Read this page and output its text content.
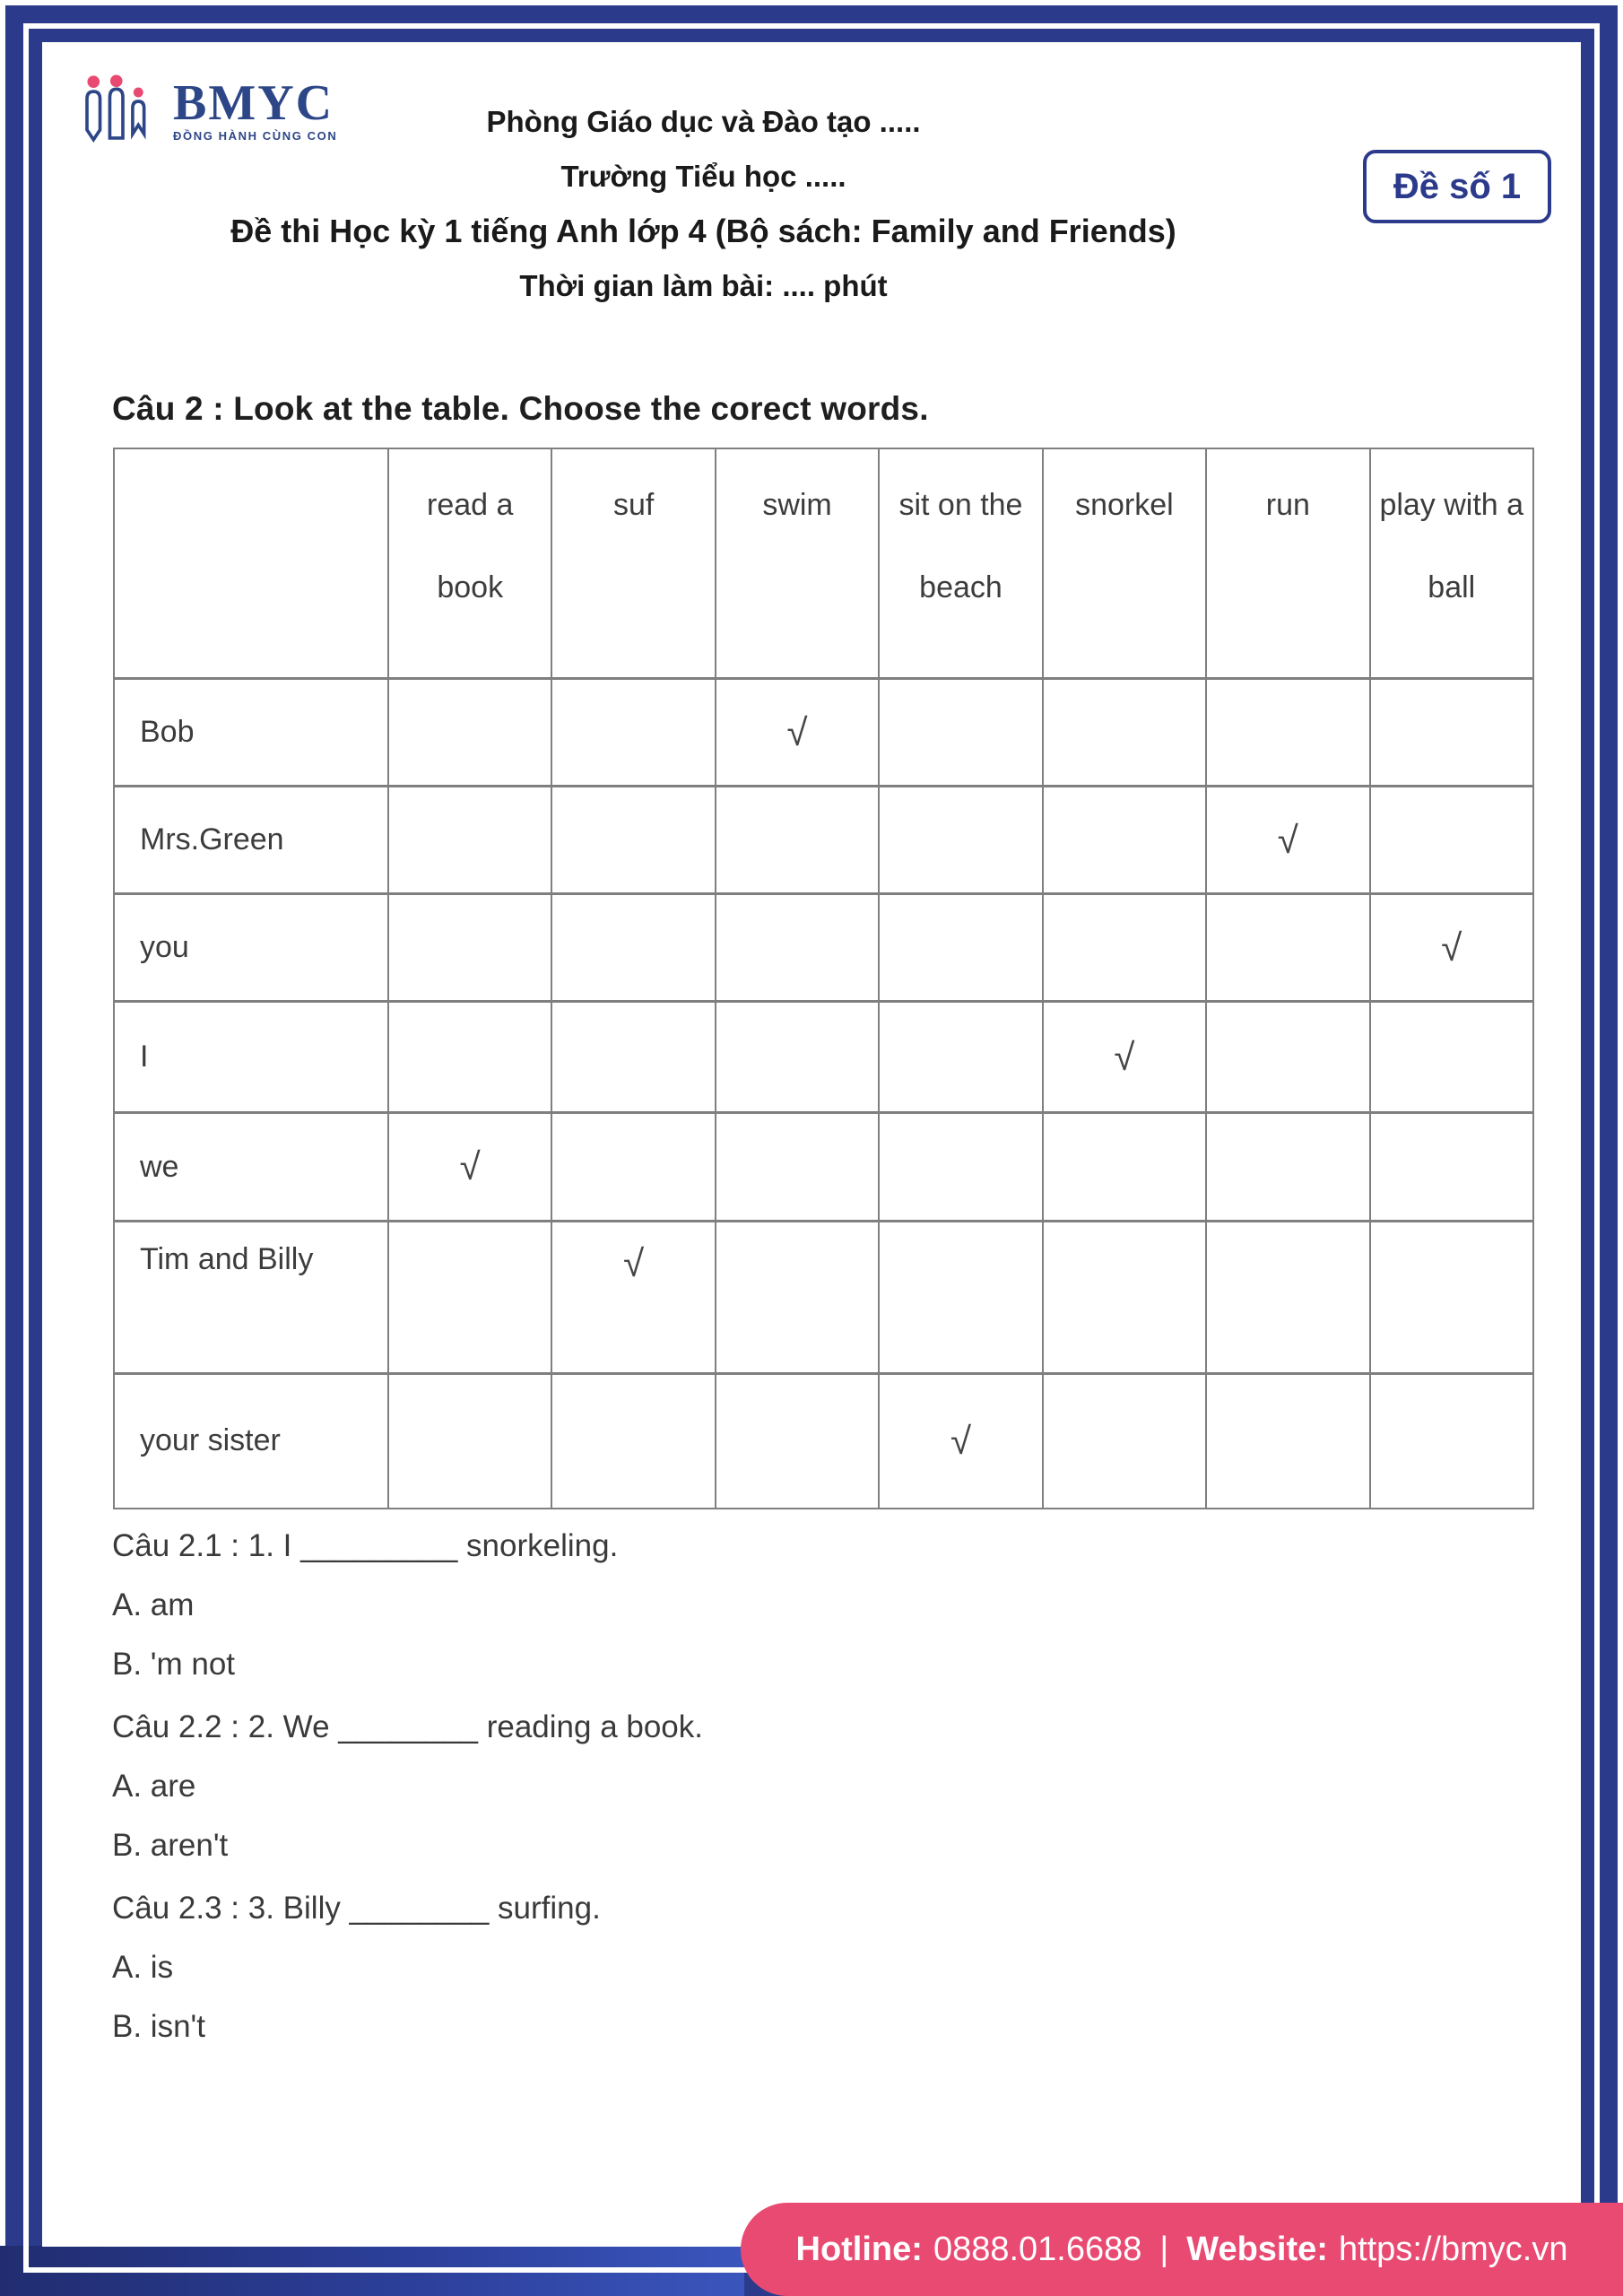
BMYC
ĐỒNG HÀNH CÙNG CON	Phòng Giáo dục và Đào tạo .....
Trường Tiểu học .....
Đề thi Học kỳ 1 tiếng Anh lớp 4 (Bộ sách: Family and Friends)
Thời gian làm bài: .... phút
Đề số 1
Câu 2 : Look at the table. Choose the corect words.
	read a book	suf	swim	sit on the beach	snorkel	run	play with a ball
Bob			√				
Mrs.Green						√	
you							√
I					√		
we	√						
Tim and Billy		√					
your sister				√			
Câu 2.1 : 1. I _________ snorkeling.
A. am
B. 'm not
Câu 2.2 : 2. We ________ reading a book.
A. are
B. aren't
Câu 2.3 : 3. Billy ________ surfing.
A. is
B. isn't
Hotline: 0888.01.6688 | Website: https://bmyc.vn
